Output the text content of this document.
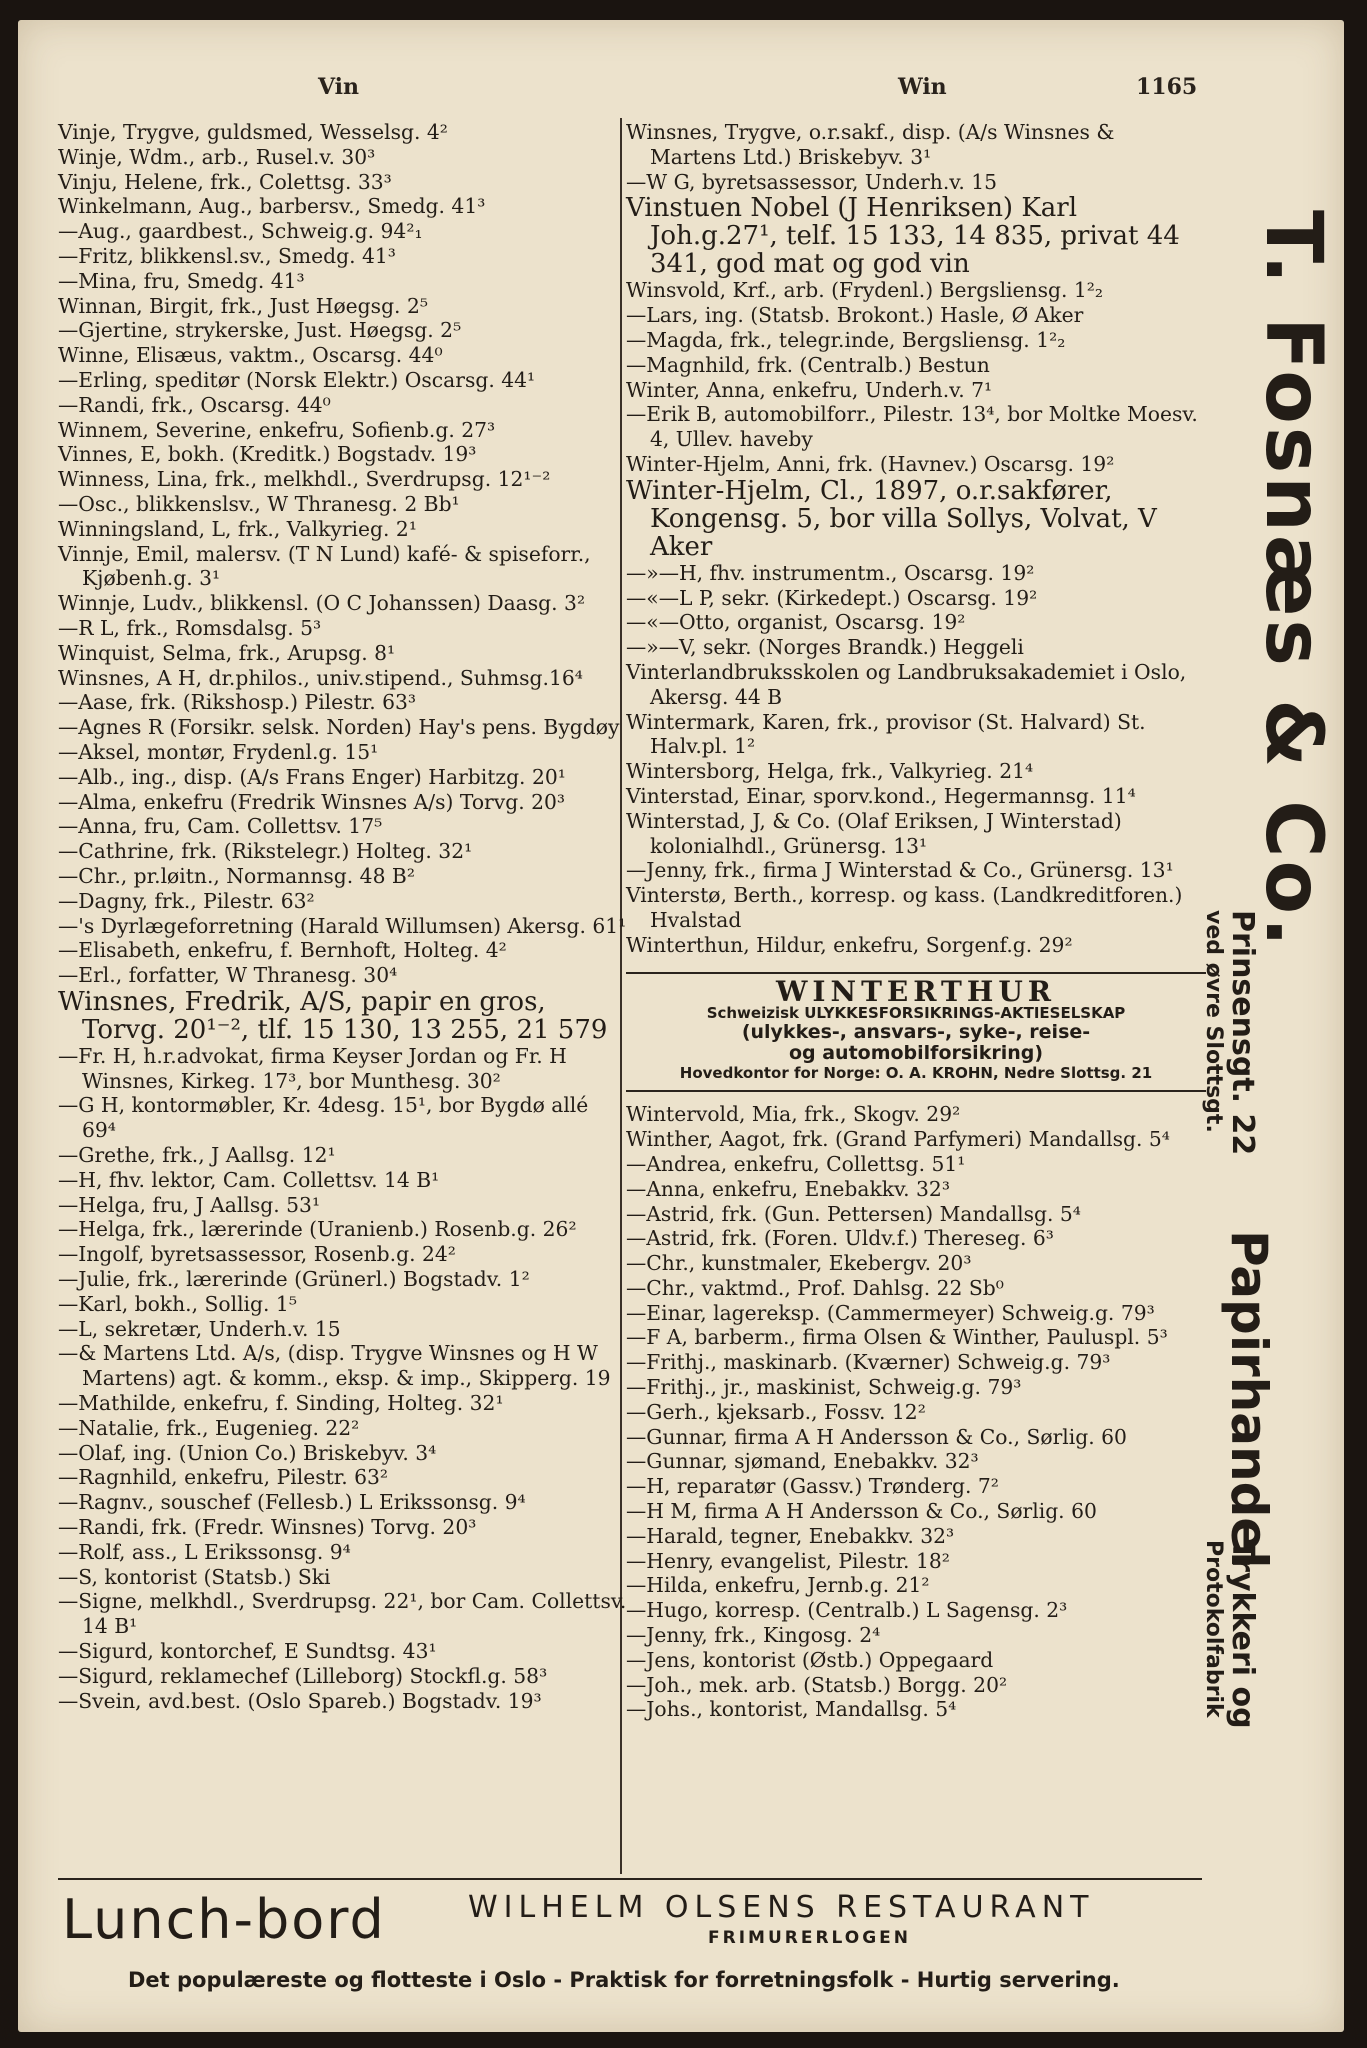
Vin	Win	1165

Vinje, Trygve, guldsmed, Wesselsg. 4²

Winje, Wdm., arb., Rusel.v. 30³

Vinju, Helene, frk., Colettsg. 33³

Winkelmann, Aug., barbersv., Smedg. 41³

—Aug., gaardbest., Schweig.g. 94²₁

—Fritz, blikkensl.sv., Smedg. 41³

—Mina, fru, Smedg. 41³

Winnan, Birgit, frk., Just Høegsg. 2⁵

—Gjertine, strykerske, Just. Høegsg. 2⁵

Winne, Elisæus, vaktm., Oscarsg. 44⁰

—Erling, speditør (Norsk Elektr.) Oscarsg. 44¹

—Randi, frk., Oscarsg. 44⁰

Winnem, Severine, enkefru, Sofienb.g. 27³

Vinnes, E, bokh. (Kreditk.) Bogstadv. 19³

Winness, Lina, frk., melkhdl., Sverdrupsg. 12¹⁻²

—Osc., blikkenslsv., W Thranesg. 2 Bb¹

Winningsland, L, frk., Valkyrieg. 2¹

Vinnje, Emil, malersv. (T N Lund) kafé- & spiseforr., Kjøbenh.g. 3¹

Winnje, Ludv., blikkensl. (O C Johanssen) Daasg. 3²

—R L, frk., Romsdalsg. 5³

Winquist, Selma, frk., Arupsg. 8¹

Winsnes, A H, dr.philos., univ.stipend., Suhmsg.16⁴

—Aase, frk. (Rikshosp.) Pilestr. 63³

—Agnes R (Forsikr. selsk. Norden) Hay's pens. Bygdøy

—Aksel, montør, Frydenl.g. 15¹

—Alb., ing., disp. (A/s Frans Enger) Harbitzg. 20¹

—Alma, enkefru (Fredrik Winsnes A/s) Torvg. 20³

—Anna, fru, Cam. Collettsv. 17⁵

—Cathrine, frk. (Rikstelegr.) Holteg. 32¹

—Chr., pr.løitn., Normannsg. 48 B²

—Dagny, frk., Pilestr. 63²

—'s Dyrlægeforretning (Harald Willumsen) Akersg. 61¹

—Elisabeth, enkefru, f. Bernhoft, Holteg. 4²

—Erl., forfatter, W Thranesg. 30⁴

Winsnes, Fredrik, A/S, papir en gros, Torvg. 20¹⁻², tlf. 15 130, 13 255, 21 579

—Fr. H, h.r.advokat, firma Keyser Jordan og Fr. H Winsnes, Kirkeg. 17³, bor Munthesg. 30²

—G H, kontormøbler, Kr. 4desg. 15¹, bor Bygdø allé 69⁴

—Grethe, frk., J Aallsg. 12¹

—H, fhv. lektor, Cam. Collettsv. 14 B¹

—Helga, fru, J Aallsg. 53¹

—Helga, frk., lærerinde (Uranienb.) Rosenb.g. 26²

—Ingolf, byretsassessor, Rosenb.g. 24²

—Julie, frk., lærerinde (Grünerl.) Bogstadv. 1²

—Karl, bokh., Sollig. 1⁵

—L, sekretær, Underh.v. 15

—& Martens Ltd. A/s, (disp. Trygve Winsnes og H W Martens) agt. & komm., eksp. & imp., Skipperg. 19

—Mathilde, enkefru, f. Sinding, Holteg. 32¹

—Natalie, frk., Eugenieg. 22²

—Olaf, ing. (Union Co.) Briskebyv. 3⁴

—Ragnhild, enkefru, Pilestr. 63²

—Ragnv., souschef (Fellesb.) L Erikssonsg. 9⁴

—Randi, frk. (Fredr. Winsnes) Torvg. 20³

—Rolf, ass., L Erikssonsg. 9⁴

—S, kontorist (Statsb.) Ski

—Signe, melkhdl., Sverdrupsg. 22¹, bor Cam. Collettsv. 14 B¹

—Sigurd, kontorchef, E Sundtsg. 43¹

—Sigurd, reklamechef (Lilleborg) Stockfl.g. 58³

—Svein, avd.best. (Oslo Spareb.) Bogstadv. 19³

Winsnes, Trygve, o.r.sakf., disp. (A/s Winsnes & Martens Ltd.) Briskebyv. 3¹

—W G, byretsassessor, Underh.v. 15

Vinstuen Nobel (J Henriksen) Karl Joh.g.27¹, telf. 15 133, 14 835, privat 44 341, god mat og god vin

Winsvold, Krf., arb. (Frydenl.) Bergsliensg. 1²₂

—Lars, ing. (Statsb. Brokont.) Hasle, Ø Aker

—Magda, frk., telegr.inde, Bergsliensg. 1²₂

—Magnhild, frk. (Centralb.) Bestun

Winter, Anna, enkefru, Underh.v. 7¹

—Erik B, automobilforr., Pilestr. 13⁴, bor Moltke Moesv. 4, Ullev. haveby

Winter-Hjelm, Anni, frk. (Havnev.) Oscarsg. 19²

Winter-Hjelm, Cl., 1897, o.r.sakfører, Kongensg. 5, bor villa Sollys, Volvat, V Aker

—»—H, fhv. instrumentm., Oscarsg. 19²

—«—L P, sekr. (Kirkedept.) Oscarsg. 19²

—«—Otto, organist, Oscarsg. 19²

—»—V, sekr. (Norges Brandk.) Heggeli

Vinterlandbruksskolen og Landbruksakademiet i Oslo, Akersg. 44 B

Wintermark, Karen, frk., provisor (St. Halvard) St. Halv.pl. 1²

Wintersborg, Helga, frk., Valkyrieg. 21⁴

Vinterstad, Einar, sporv.kond., Hegermannsg. 11⁴

Winterstad, J, & Co. (Olaf Eriksen, J Winterstad) kolonialhdl., Grünersg. 13¹

—Jenny, frk., firma J Winterstad & Co., Grünersg. 13¹

Vinterstø, Berth., korresp. og kass. (Landkreditforen.) Hvalstad

Winterthun, Hildur, enkefru, Sorgenf.g. 29²

WINTERTHUR
Schweizisk ULYKKESFORSIKRINGS-AKTIESELSKAP
(ulykkes-, ansvars-, syke-, reise-
og automobilforsikring)
Hovedkontor for Norge: O. A. KROHN, Nedre Slottsg. 21

Wintervold, Mia, frk., Skogv. 29²

Winther, Aagot, frk. (Grand Parfymeri) Mandallsg. 5⁴

—Andrea, enkefru, Collettsg. 51¹

—Anna, enkefru, Enebakkv. 32³

—Astrid, frk. (Gun. Pettersen) Mandallsg. 5⁴

—Astrid, frk. (Foren. Uldv.f.) Thereseg. 6³

—Chr., kunstmaler, Ekebergv. 20³

—Chr., vaktmd., Prof. Dahlsg. 22 Sb⁰

—Einar, lagereksp. (Cammermeyer) Schweig.g. 79³

—F A, barberm., firma Olsen & Winther, Pauluspl. 5³

—Frithj., maskinarb. (Kværner) Schweig.g. 79³

—Frithj., jr., maskinist, Schweig.g. 79³

—Gerh., kjeksarb., Fossv. 12²

—Gunnar, firma A H Andersson & Co., Sørlig. 60

—Gunnar, sjømand, Enebakkv. 32³

—H, reparatør (Gassv.) Trønderg. 7²

—H M, firma A H Andersson & Co., Sørlig. 60

—Harald, tegner, Enebakkv. 32³

—Henry, evangelist, Pilestr. 18²

—Hilda, enkefru, Jernb.g. 21²

—Hugo, korresp. (Centralb.) L Sagensg. 2³

—Jenny, frk., Kingosg. 2⁴

—Jens, kontorist (Østb.) Oppegaard

—Joh., mek. arb. (Statsb.) Borgg. 20²

—Johs., kontorist, Mandallsg. 5⁴

T. Fosnæs & Co.
Prinsensgt. 22
ved øvre Slottsgt.
Papirhandel
Trykkeri og
Protokolfabrik
Lunch-bord	WILHELM OLSENS RESTAURANT
FRIMURERLOGEN
Det populæreste og flotteste i Oslo - Praktisk for forretningsfolk - Hurtig servering.
